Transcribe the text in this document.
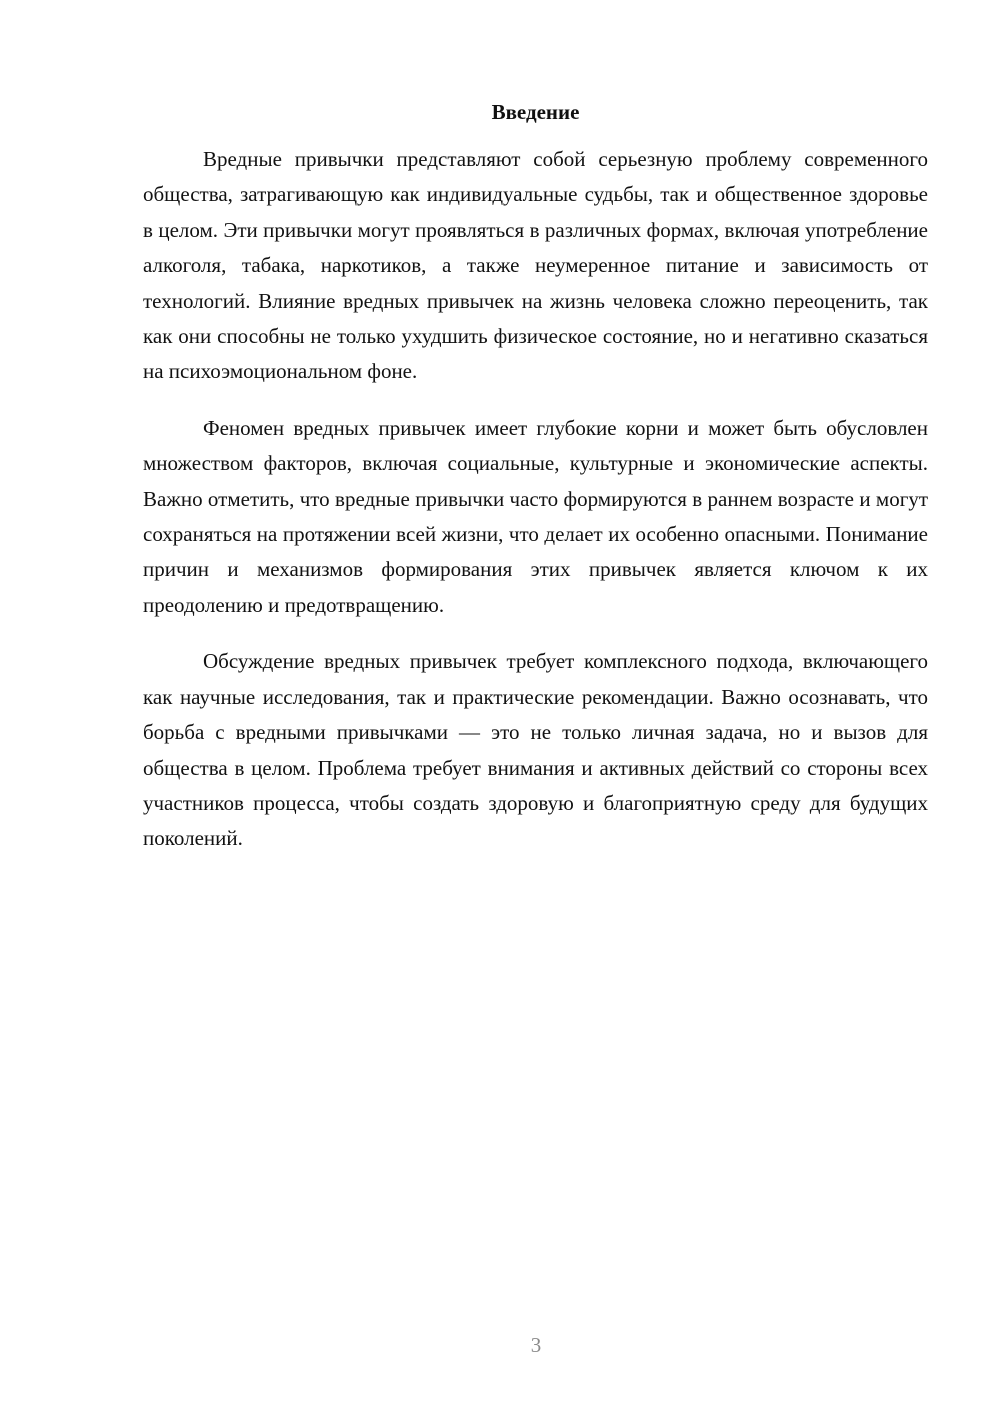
Введение

Вредные привычки представляют собой серьезную проблему современного общества, затрагивающую как индивидуальные судьбы, так и общественное здоровье в целом. Эти привычки могут проявляться в различных формах, включая употребление алкоголя, табака, наркотиков, а также неумеренное питание и зависимость от технологий. Влияние вредных привычек на жизнь человека сложно переоценить, так как они способны не только ухудшить физическое состояние, но и негативно сказаться на психоэмоциональном фоне.

Феномен вредных привычек имеет глубокие корни и может быть обусловлен множеством факторов, включая социальные, культурные и экономические аспекты. Важно отметить, что вредные привычки часто формируются в раннем возрасте и могут сохраняться на протяжении всей жизни, что делает их особенно опасными. Понимание причин и механизмов формирования этих привычек является ключом к их преодолению и предотвращению.

Обсуждение вредных привычек требует комплексного подхода, включающего как научные исследования, так и практические рекомендации. Важно осознавать, что борьба с вредными привычками — это не только личная задача, но и вызов для общества в целом. Проблема требует внимания и активных действий со стороны всех участников процесса, чтобы создать здоровую и благоприятную среду для будущих поколений.

3
